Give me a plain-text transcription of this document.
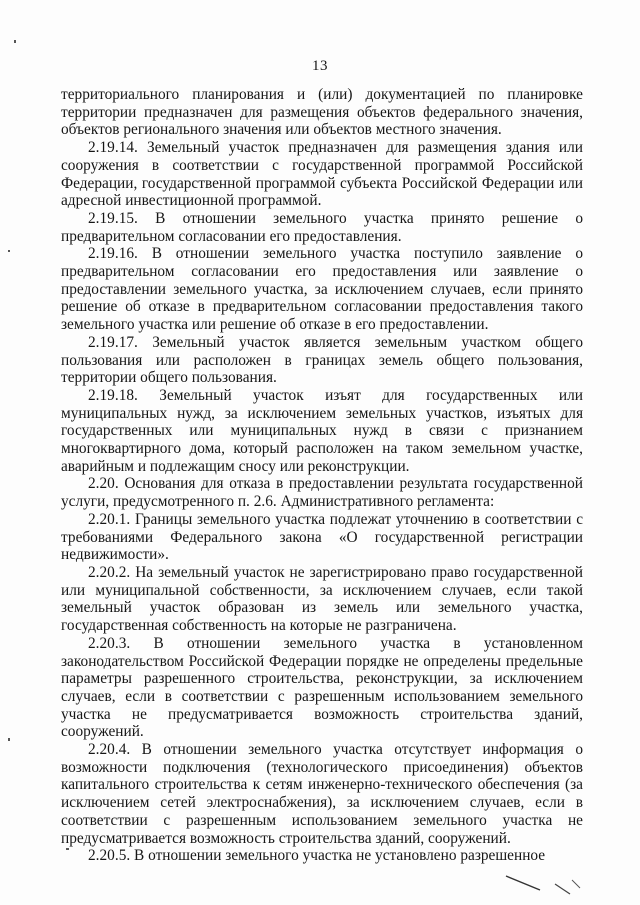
13

территориального планирования и (или) документацией по планировке территории предназначен для размещения объектов федерального значения, объектов регионального значения или объектов местного значения.

2.19.14. Земельный участок предназначен для размещения здания или сооружения в соответствии с государственной программой Российской Федерации, государственной программой субъекта Российской Федерации или адресной инвестиционной программой.

2.19.15. В отношении земельного участка принято решение о предварительном согласовании его предоставления.

2.19.16. В отношении земельного участка поступило заявление о предварительном согласовании его предоставления или заявление о предоставлении земельного участка, за исключением случаев, если принято решение об отказе в предварительном согласовании предоставления такого земельного участка или решение об отказе в его предоставлении.

2.19.17. Земельный участок является земельным участком общего пользования или расположен в границах земель общего пользования, территории общего пользования.

2.19.18. Земельный участок изъят для государственных или муниципальных нужд, за исключением земельных участков, изъятых для государственных или муниципальных нужд в связи с признанием многоквартирного дома, который расположен на таком земельном участке, аварийным и подлежащим сносу или реконструкции.

2.20. Основания для отказа в предоставлении результата государственной услуги, предусмотренного п. 2.6. Административного регламента:

2.20.1. Границы земельного участка подлежат уточнению в соответствии с требованиями Федерального закона «О государственной регистрации недвижимости».

2.20.2. На земельный участок не зарегистрировано право государственной или муниципальной собственности, за исключением случаев, если такой земельный участок образован из земель или земельного участка, государственная собственность на которые не разграничена.

2.20.3. В отношении земельного участка в установленном законодательством Российской Федерации порядке не определены предельные параметры разрешенного строительства, реконструкции, за исключением случаев, если в соответствии с разрешенным использованием земельного участка не предусматривается возможность строительства зданий, сооружений.

2.20.4. В отношении земельного участка отсутствует информация о возможности подключения (технологического присоединения) объектов капитального строительства к сетям инженерно-технического обеспечения (за исключением сетей электроснабжения), за исключением случаев, если в соответствии с разрешенным использованием земельного участка не предусматривается возможность строительства зданий, сооружений.

2.20.5. В отношении земельного участка не установлено разрешенное
